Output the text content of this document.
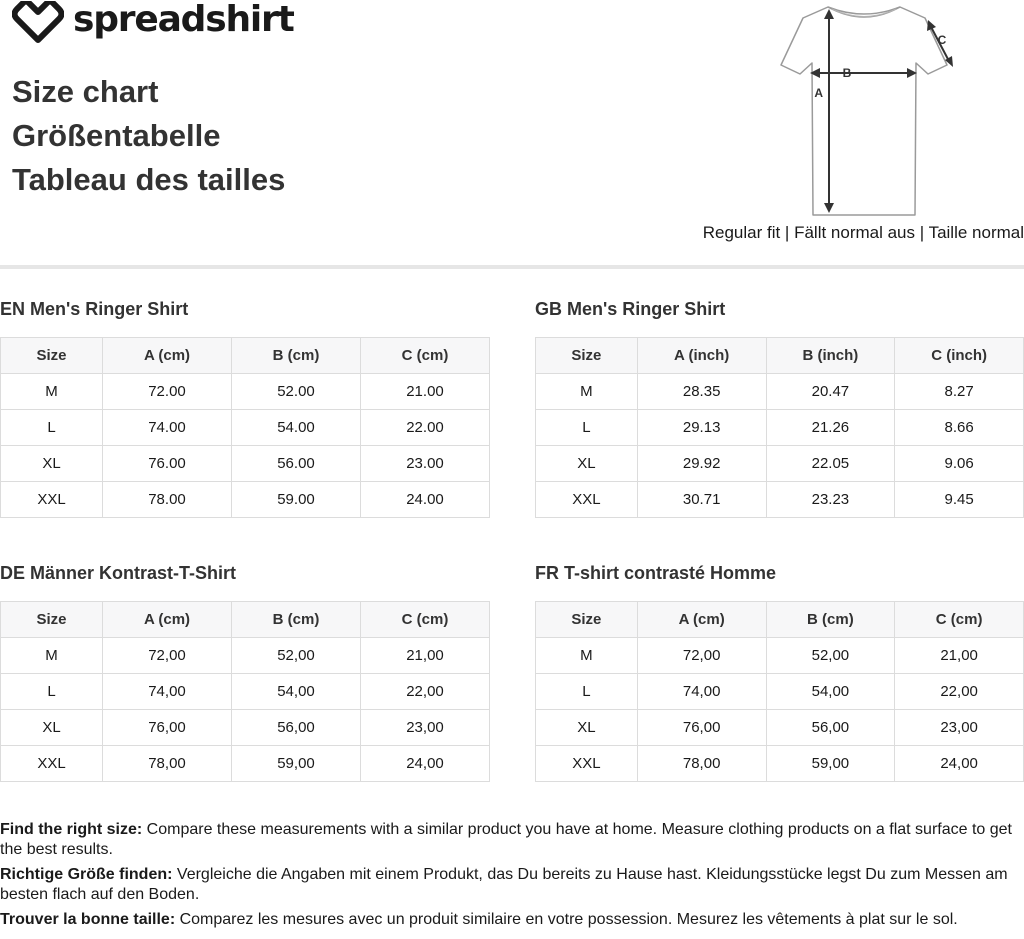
spreadshirt
Size chart
Größentabelle
Tableau des tailles
A
B
C
Regular fit | Fällt normal aus | Taille normal
EN Men's Ringer Shirt	GB Men's Ringer Shirt
DE Männer Kontrast-T-Shirt	FR T-shirt contrasté Homme
Size	A (cm)	B (cm)	C (cm)
M	72.00	52.00	21.00
L	74.00	54.00	22.00
XL	76.00	56.00	23.00
XXL	78.00	59.00	24.00
Size	A (inch)	B (inch)	C (inch)
M	28.35	20.47	8.27
L	29.13	21.26	8.66
XL	29.92	22.05	9.06
XXL	30.71	23.23	9.45
Size	A (cm)	B (cm)	C (cm)
M	72,00	52,00	21,00
L	74,00	54,00	22,00
XL	76,00	56,00	23,00
XXL	78,00	59,00	24,00
Size	A (cm)	B (cm)	C (cm)
M	72,00	52,00	21,00
L	74,00	54,00	22,00
XL	76,00	56,00	23,00
XXL	78,00	59,00	24,00

Find the right size: Compare these measurements with a similar product you have at home. Measure clothing products on a flat surface to get the best results.

Richtige Größe finden: Vergleiche die Angaben mit einem Produkt, das Du bereits zu Hause hast. Kleidungsstücke legst Du zum Messen am besten flach auf den Boden.

Trouver la bonne taille: Comparez les mesures avec un produit similaire en votre possession. Mesurez les vêtements à plat sur le sol.
